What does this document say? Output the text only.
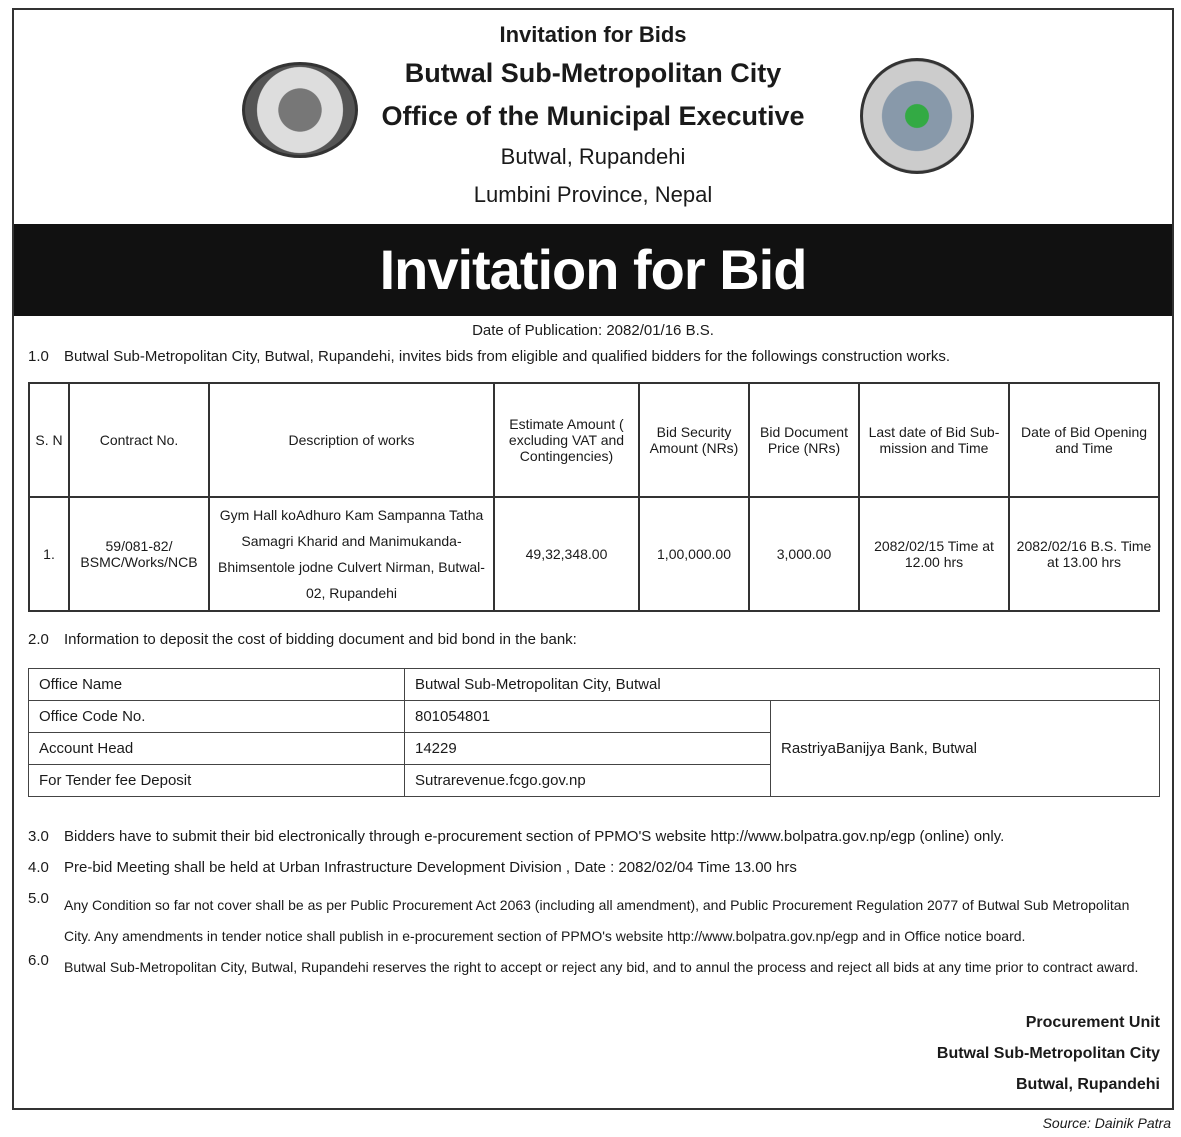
Invitation for Bids
Butwal Sub-Metropolitan City
Office of the Municipal Executive
Butwal, Rupandehi
Lumbini Province, Nepal
Invitation for Bid
Date of Publication: 2082/01/16 B.S.
1.0 Butwal Sub-Metropolitan City, Butwal, Rupandehi, invites bids from eligible and qualified bidders for the followings construction works.
S. N	Contract No.	Description of works	Estimate Amount ( excluding VAT and Contingencies)	Bid Security Amount (NRs)	Bid Document Price (NRs)	Last date of Bid Sub-mission and Time	Date of Bid Opening and Time
1.	59/081-82/ BSMC/Works/NCB	Gym Hall koAdhuro Kam Sampanna Tatha Samagri Kharid and Manimukanda-Bhimsentole jodne Culvert Nirman, Butwal-02, Rupandehi	49,32,348.00	1,00,000.00	3,000.00	2082/02/15 Time at 12.00 hrs	2082/02/16 B.S. Time at 13.00 hrs
2.0 Information to deposit the cost of bidding document and bid bond in the bank:
Office Name	Butwal Sub-Metropolitan City, Butwal	
Office Code No.	801054801	RastriyaBanijya Bank, Butwal
Account Head	14229	
For Tender fee Deposit	Sutrarevenue.fcgo.gov.np	
3.0 Bidders have to submit their bid electronically through e-procurement section of PPMO'S website http://www.bolpatra.gov.np/egp (online) only.
4.0 Pre-bid Meeting shall be held at Urban Infrastructure Development Division , Date : 2082/02/04 Time 13.00 hrs
5.0 Any Condition so far not cover shall be as per Public Procurement Act 2063 (including all amendment), and Public Procurement Regulation 2077 of Butwal Sub Metropolitan City. Any amendments in tender notice shall publish in e-procurement section of PPMO's website http://www.bolpatra.gov.np/egp and in Office notice board.
6.0 Butwal Sub-Metropolitan City, Butwal, Rupandehi reserves the right to accept or reject any bid, and to annul the process and reject all bids at any time prior to contract award.
Procurement Unit
Butwal Sub-Metropolitan City
Butwal, Rupandehi
Source: Dainik Patra
